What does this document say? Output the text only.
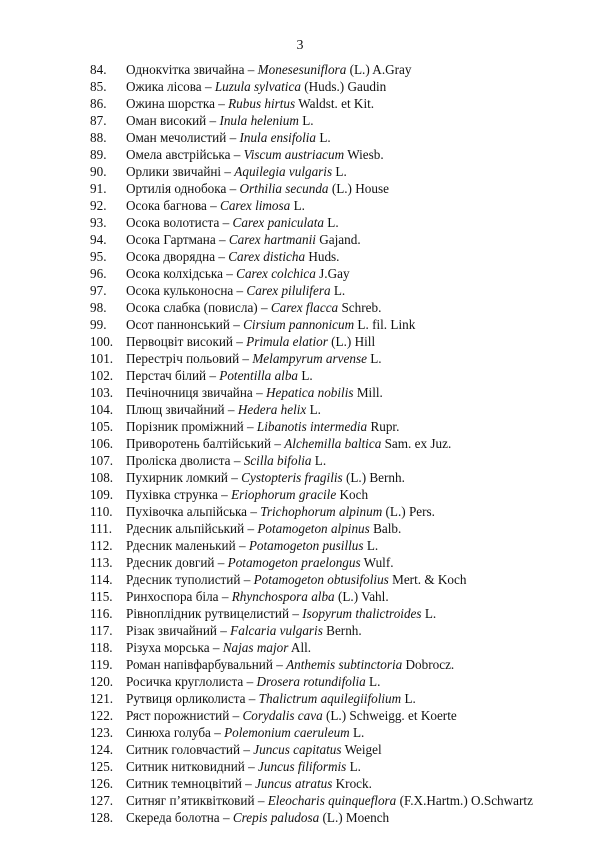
3
84.	Однокvітка звичайна – Monesesuniflora (L.) A.Gray
85.	Ожика лісова – Luzula sylvatica (Huds.) Gaudin
86.	Ожина шорстка – Rubus hirtus Waldst. et Kit.
87.	Оман високий – Inula helenium L.
88.	Оман мечолистий – Inula ensifolia L.
89.	Омела австрійська – Viscum austriacum Wiesb.
90.	Орлики звичайні – Aquilegia vulgaris L.
91.	Ортилія однобока – Orthilia secunda (L.) House
92.	Осока багнова – Carex limosa L.
93.	Осока волотиста – Carex paniculata L.
94.	Осока Гартмана – Carex hartmanii Gajand.
95.	Осока дворядна – Carex disticha Huds.
96.	Осока колхідська – Carex colchica J.Gay
97.	Осока кульконосна – Carex pilulifera L.
98.	Осока слабка (повисла) – Carex flacca Schreb.
99.	Осот паннонський – Cirsium pannonicum L. fil. Link
100. Первоцвіт високий – Primula elatior (L.) Hill
101. Перестріч польовий – Melampyrum arvense L.
102. Перстач білий – Potentilla alba L.
103. Печіночниця звичайна – Hepatica nobilis Mill.
104. Плющ звичайний – Hedera helix L.
105. Порізник проміжний – Libanotis intermedia Rupr.
106. Приворотень балтійський – Alchemilla baltica Sam. ex Juz.
107. Проліска дволиста – Scilla bifolia L.
108. Пухирник ломкий – Cystopteris fragilis (L.) Bernh.
109. Пухівка струнка – Eriophorum gracile Koch
110.	Пухівочка альпійська – Trichophorum alpinum (L.) Pers.
111.	Рдесник альпійський – Potamogeton alpinus Balb.
112.	Рдесник маленький – Potamogeton pusillus L.
113.	Рдесник довгий – Potamogeton praelongus Wulf.
114.	Рдесник туполистий – Potamogeton obtusifolius Mert. & Koch
115.	Ринхоспора біла – Rhynchospora alba (L.) Vahl.
116.	Рівноплідник рутвицелистий – Isopyrum thalictroides L.
117.	Різак звичайний – Falcaria vulgaris Bernh.
118.	Різуха морська – Najas major All.
119.	Роман напівфарбувальний – Anthemis subtinctoria Dobrocz.
120. Росичка круглолиста – Drosera rotundifolia L.
121. Рутвиця орликолиста – Thalictrum aquilegiifolium L.
122. Ряст порожнистий – Corydalis cava (L.) Schweigg. et Koerte
123. Синюха голуба – Polemonium caeruleum L.
124. Ситник головчастий – Juncus capitatus Weigel
125. Ситник нитковидний – Juncus filiformis L.
126. Ситник темноцвітий – Juncus atratus Krock.
127. Ситняг п’ятиквітковий – Eleocharis quinqueflora (F.X.Hartm.) O.Schwartz
128. Скереда болотна – Crepis paludosa (L.) Moench
